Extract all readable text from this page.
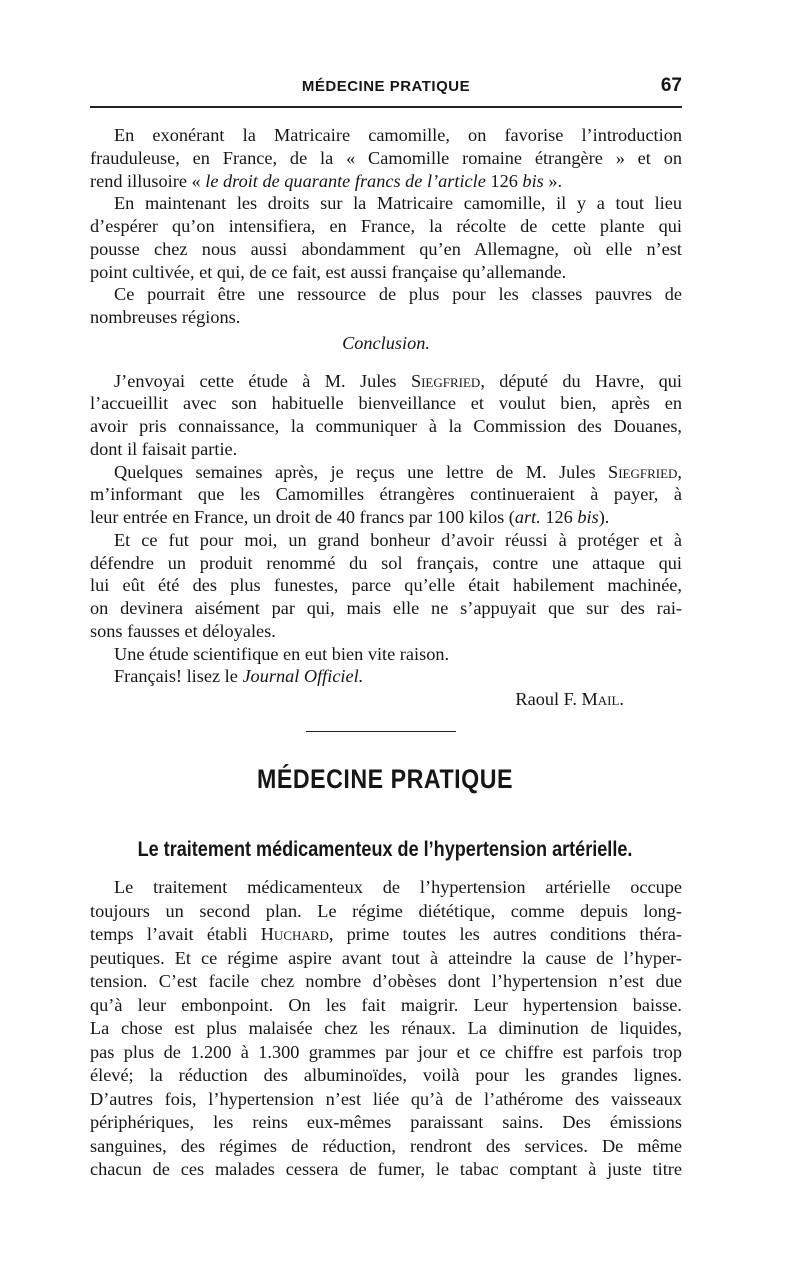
MÉDECINE PRATIQUE	67

En exonérant la Matricaire camomille, on favorise l’introduction

frauduleuse, en France, de la « Camomille romaine étrangère » et on

rend illusoire « le droit de quarante francs de l’article 126 bis ».

En maintenant les droits sur la Matricaire camomille, il y a tout lieu

d’espérer qu’on intensifiera, en France, la récolte de cette plante qui

pousse chez nous aussi abondamment qu’en Allemagne, où elle n’est

point cultivée, et qui, de ce fait, est aussi française qu’allemande.

Ce pourrait être une ressource de plus pour les classes pauvres de

nombreuses régions.

Conclusion.

J’envoyai cette étude à M. Jules Siegfried, député du Havre, qui

l’accueillit avec son habituelle bienveillance et voulut bien, après en

avoir pris connaissance, la communiquer à la Commission des Douanes,

dont il faisait partie.

Quelques semaines après, je reçus une lettre de M. Jules Siegfried,

m’informant que les Camomilles étrangères continueraient à payer, à

leur entrée en France, un droit de 40 francs par 100 kilos (art. 126 bis).

Et ce fut pour moi, un grand bonheur d’avoir réussi à protéger et à

défendre un produit renommé du sol français, contre une attaque qui

lui eût été des plus funestes, parce qu’elle était habilement machinée,

on devinera aisément par qui, mais elle ne s’appuyait que sur des rai-

sons fausses et déloyales.

Une étude scientifique en eut bien vite raison.

Français! lisez le Journal Officiel.

Raoul F. Mail.

MÉDECINE PRATIQUE
Le traitement médicamenteux de l’hypertension artérielle.

Le traitement médicamenteux de l’hypertension artérielle occupe

toujours un second plan. Le régime diététique, comme depuis long-

temps l’avait établi Huchard, prime toutes les autres conditions théra-

peutiques. Et ce régime aspire avant tout à atteindre la cause de l’hyper-

tension. C’est facile chez nombre d’obèses dont l’hypertension n’est due

qu’à leur embonpoint. On les fait maigrir. Leur hypertension baisse.

La chose est plus malaisée chez les rénaux. La diminution de liquides,

pas plus de 1.200 à 1.300 grammes par jour et ce chiffre est parfois trop

élevé; la réduction des albuminoïdes, voilà pour les grandes lignes.

D’autres fois, l’hypertension n’est liée qu’à de l’athérome des vaisseaux

périphériques, les reins eux-mêmes paraissant sains. Des émissions

sanguines, des régimes de réduction, rendront des services. De même

chacun de ces malades cessera de fumer, le tabac comptant à juste titre
